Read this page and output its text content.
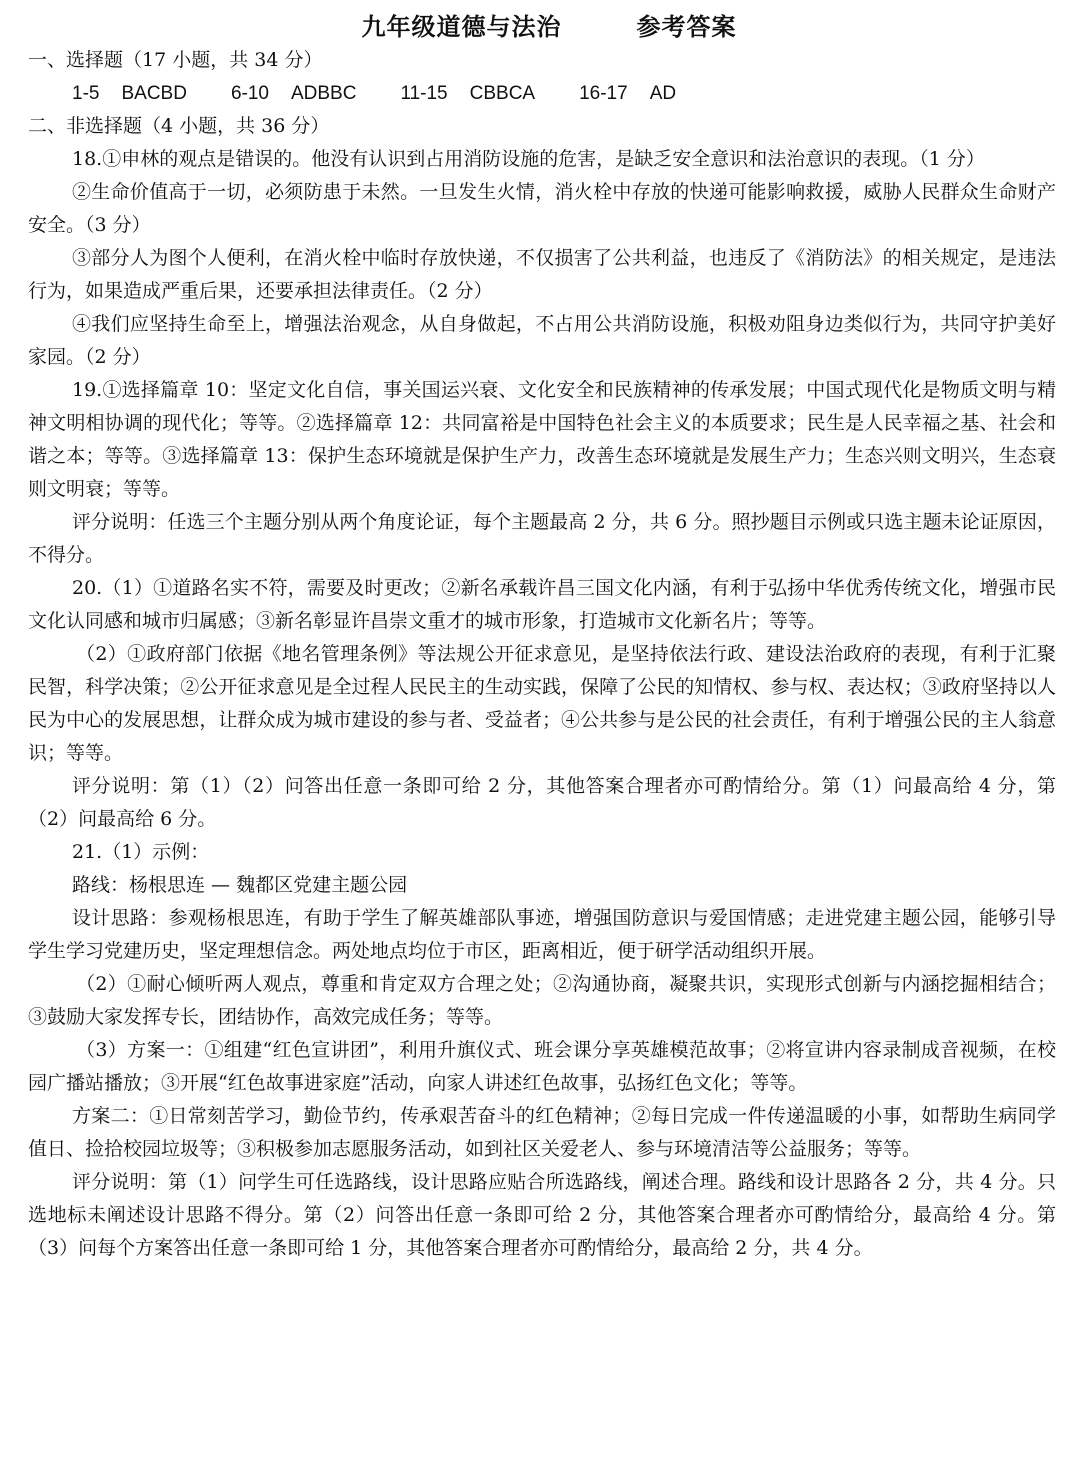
九年级道德与法治　　　参考答案

一、选择题（17 小题，共 34 分）

1-5 BACBD 6-10 ADBBC 11-15 CBBCA 16-17 AD

二、非选择题（4 小题，共 36 分）

18.①申林的观点是错误的。他没有认识到占用消防设施的危害，是缺乏安全意识和法治意识的表现。（1 分）

②生命价值高于一切，必须防患于未然。一旦发生火情，消火栓中存放的快递可能影响救援，威胁人民群众生命财产安全。（3 分）

③部分人为图个人便利，在消火栓中临时存放快递，不仅损害了公共利益，也违反了《消防法》的相关规定，是违法行为，如果造成严重后果，还要承担法律责任。（2 分）

④我们应坚持生命至上，增强法治观念，从自身做起，不占用公共消防设施，积极劝阻身边类似行为，共同守护美好家园。（2 分）

19.①选择篇章 10：坚定文化自信，事关国运兴衰、文化安全和民族精神的传承发展；中国式现代化是物质文明与精神文明相协调的现代化；等等。②选择篇章 12：共同富裕是中国特色社会主义的本质要求；民生是人民幸福之基、社会和谐之本；等等。③选择篇章 13：保护生态环境就是保护生产力，改善生态环境就是发展生产力；生态兴则文明兴，生态衰则文明衰；等等。

评分说明：任选三个主题分别从两个角度论证，每个主题最高 2 分，共 6 分。照抄题目示例或只选主题未论证原因，不得分。

20.（1）①道路名实不符，需要及时更改；②新名承载许昌三国文化内涵，有利于弘扬中华优秀传统文化，增强市民文化认同感和城市归属感；③新名彰显许昌崇文重才的城市形象，打造城市文化新名片；等等。

（2）①政府部门依据《地名管理条例》等法规公开征求意见，是坚持依法行政、建设法治政府的表现，有利于汇聚民智，科学决策；②公开征求意见是全过程人民民主的生动实践，保障了公民的知情权、参与权、表达权；③政府坚持以人民为中心的发展思想，让群众成为城市建设的参与者、受益者；④公共参与是公民的社会责任，有利于增强公民的主人翁意识；等等。

评分说明：第（1）（2）问答出任意一条即可给 2 分，其他答案合理者亦可酌情给分。第（1）问最高给 4 分，第（2）问最高给 6 分。

21.（1）示例：

路线：杨根思连 — 魏都区党建主题公园

设计思路：参观杨根思连，有助于学生了解英雄部队事迹，增强国防意识与爱国情感；走进党建主题公园，能够引导学生学习党建历史，坚定理想信念。两处地点均位于市区，距离相近，便于研学活动组织开展。

（2）①耐心倾听两人观点，尊重和肯定双方合理之处；②沟通协商，凝聚共识，实现形式创新与内涵挖掘相结合；③鼓励大家发挥专长，团结协作，高效完成任务；等等。

（3）方案一：①组建“红色宣讲团”，利用升旗仪式、班会课分享英雄模范故事；②将宣讲内容录制成音视频，在校园广播站播放；③开展“红色故事进家庭”活动，向家人讲述红色故事，弘扬红色文化；等等。

方案二：①日常刻苦学习，勤俭节约，传承艰苦奋斗的红色精神；②每日完成一件传递温暖的小事，如帮助生病同学值日、捡拾校园垃圾等；③积极参加志愿服务活动，如到社区关爱老人、参与环境清洁等公益服务；等等。

评分说明：第（1）问学生可任选路线，设计思路应贴合所选路线，阐述合理。路线和设计思路各 2 分，共 4 分。只选地标未阐述设计思路不得分。第（2）问答出任意一条即可给 2 分，其他答案合理者亦可酌情给分，最高给 4 分。第（3）问每个方案答出任意一条即可给 1 分，其他答案合理者亦可酌情给分，最高给 2 分，共 4 分。
